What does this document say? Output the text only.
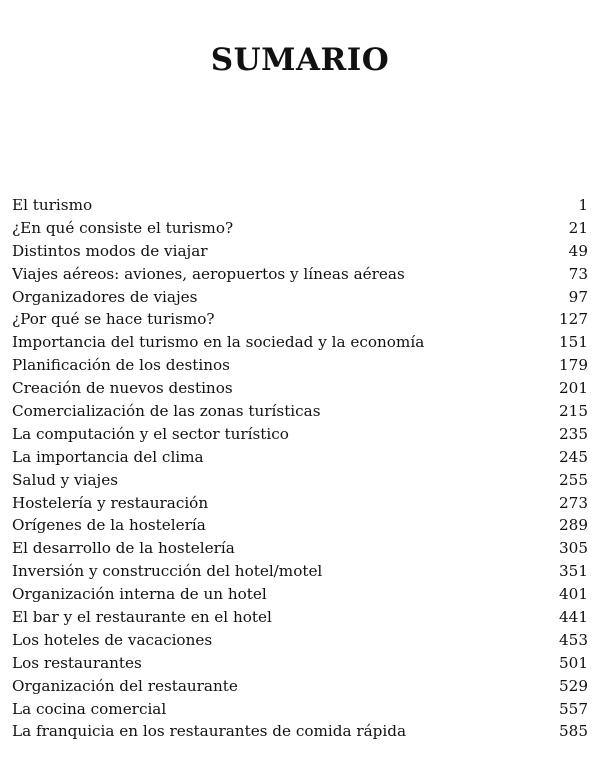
SUMARIO
El turismo	1
¿En qué consiste el turismo?	21
Distintos modos de viajar	49
Viajes aéreos: aviones, aeropuertos y líneas aéreas	73
Organizadores de viajes	97
¿Por qué se hace turismo?	127
Importancia del turismo en la sociedad y la economía	151
Planificación de los destinos	179
Creación de nuevos destinos	201
Comercialización de las zonas turísticas	215
La computación y el sector turístico	235
La importancia del clima	245
Salud y viajes	255
Hostelería y restauración	273
Orígenes de la hostelería	289
El desarrollo de la hostelería	305
Inversión y construcción del hotel/motel	351
Organización interna de un hotel	401
El bar y el restaurante en el hotel	441
Los hoteles de vacaciones	453
Los restaurantes	501
Organización del restaurante	529
La cocina comercial	557
La franquicia en los restaurantes de comida rápida	585
